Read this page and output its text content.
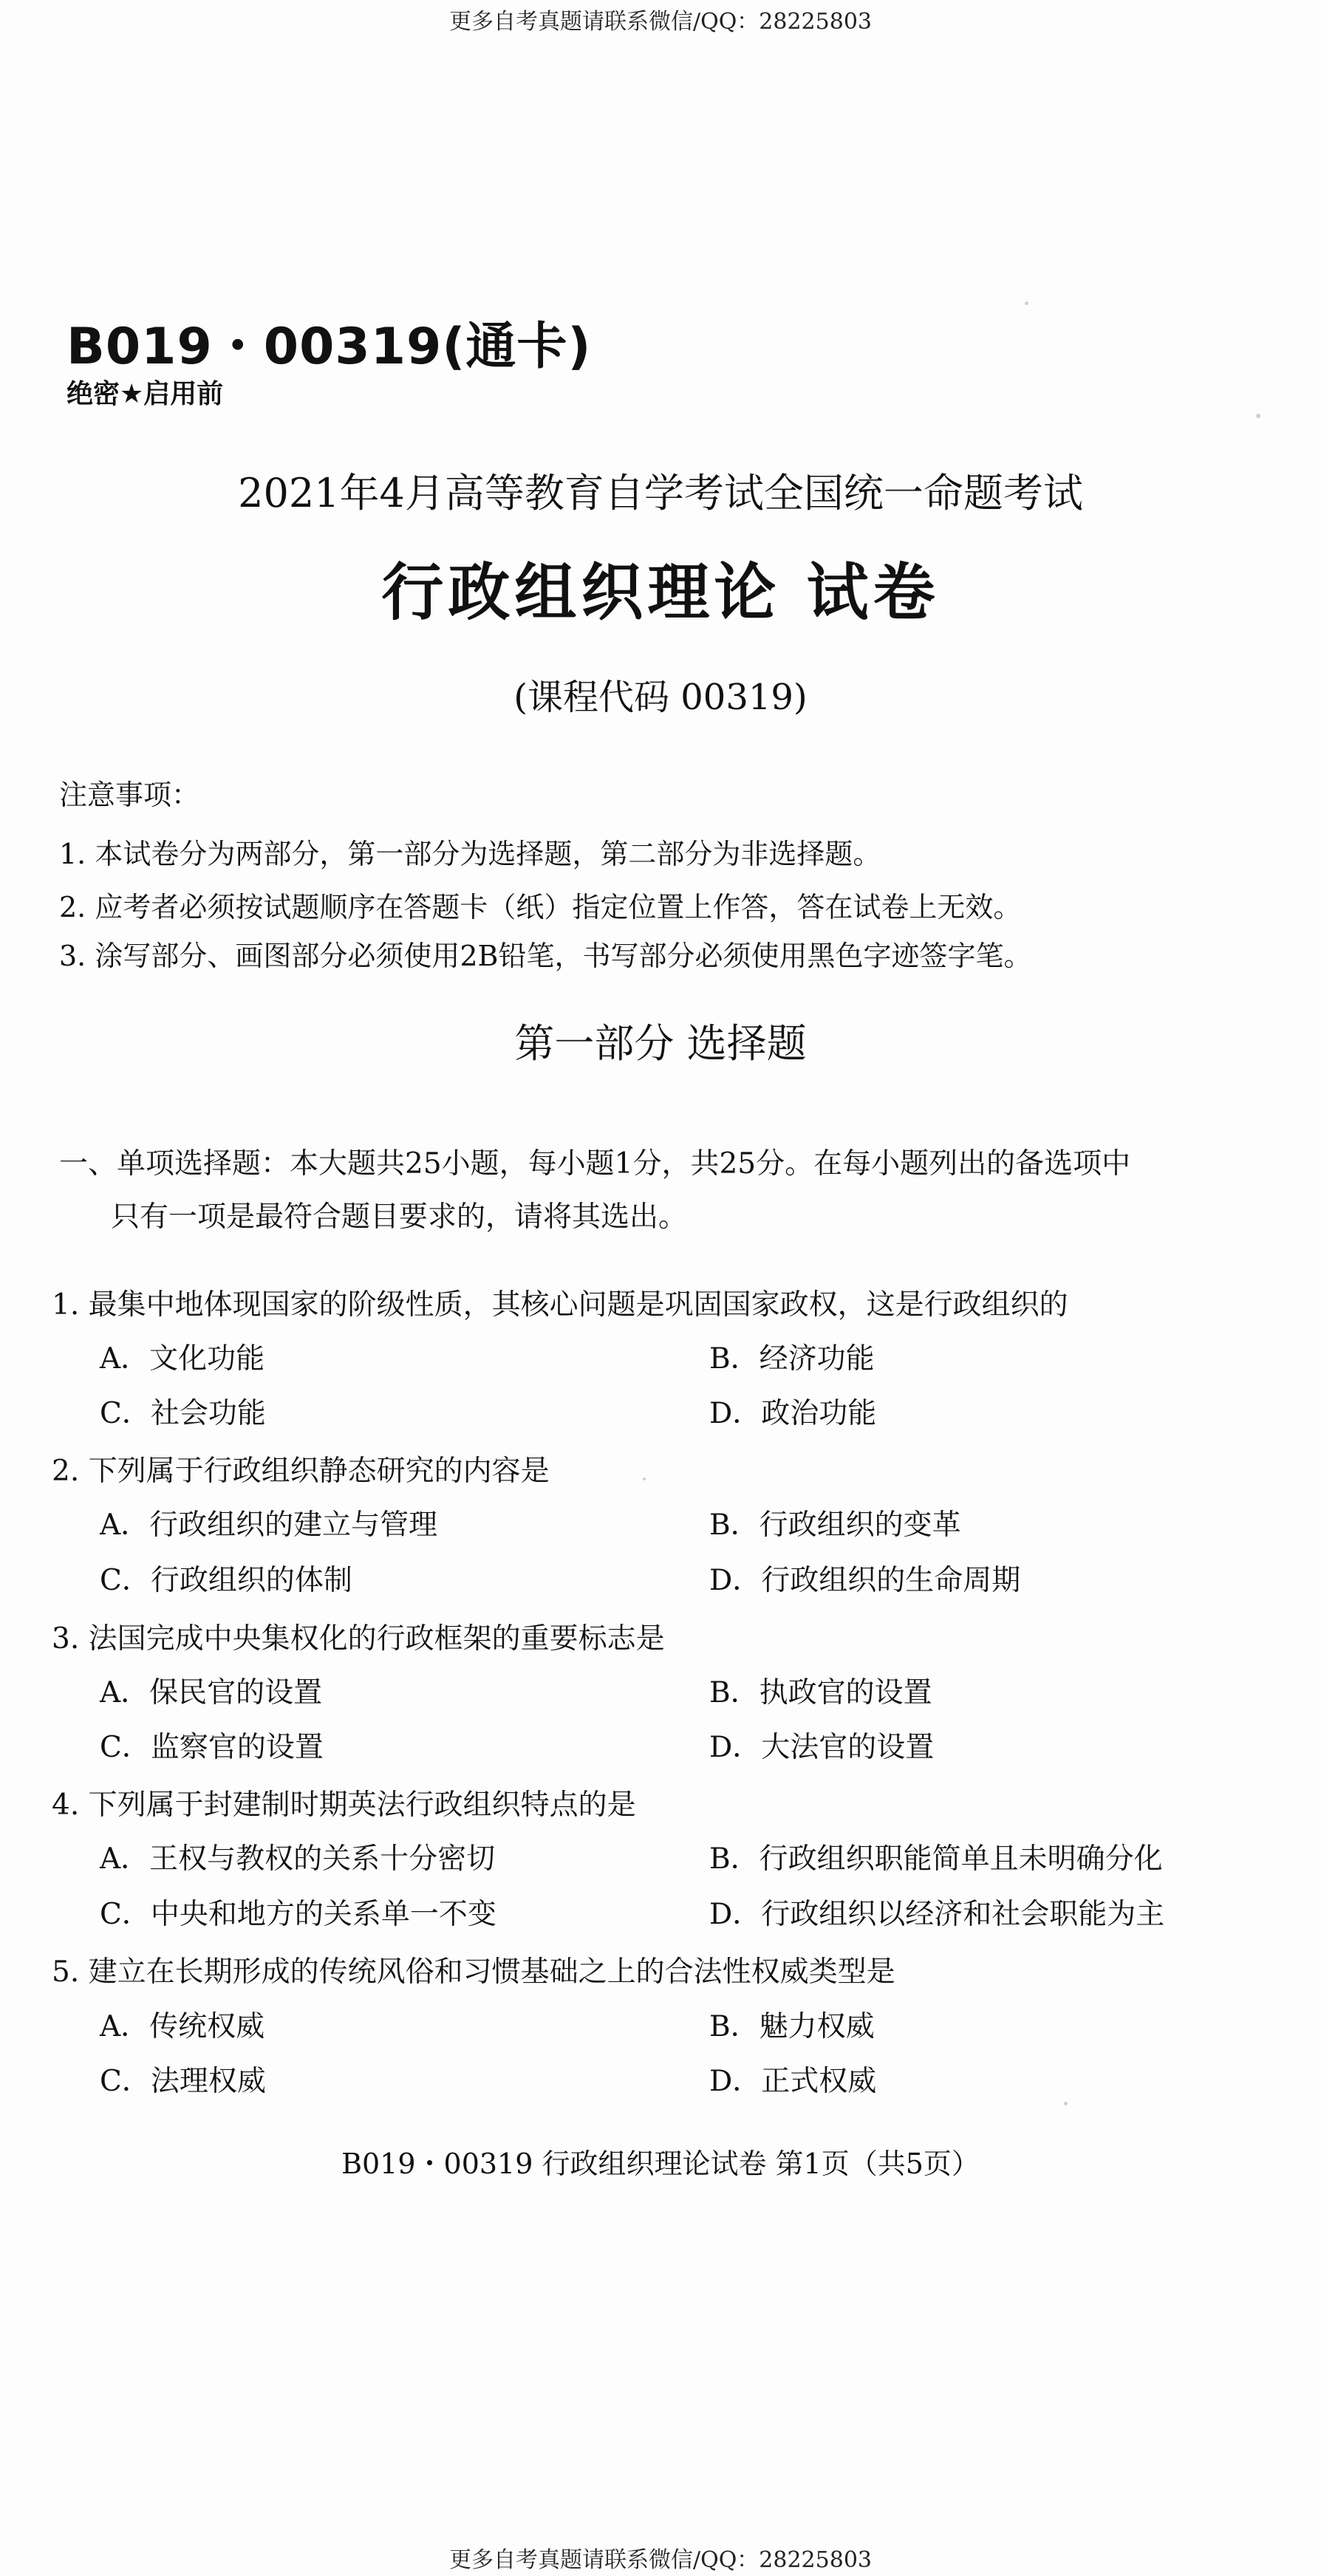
更多自考真题请联系微信/QQ：28225803
B019・00319(通卡)
绝密★启用前
2021年4月高等教育自学考试全国统一命题考试
行政组织理论 试卷
(课程代码 00319)
注意事项：
1. 本试卷分为两部分，第一部分为选择题，第二部分为非选择题。
2. 应考者必须按试题顺序在答题卡（纸）指定位置上作答，答在试卷上无效。
3. 涂写部分、画图部分必须使用2B铅笔，书写部分必须使用黑色字迹签字笔。
第一部分 选择题
一、单项选择题：本大题共25小题，每小题1分，共25分。在每小题列出的备选项中
只有一项是最符合题目要求的，请将其选出。
1. 最集中地体现国家的阶级性质，其核心问题是巩固国家政权，这是行政组织的
A．文化功能	B．经济功能
C．社会功能	D．政治功能
2. 下列属于行政组织静态研究的内容是
A．行政组织的建立与管理	B．行政组织的变革
C．行政组织的体制	D．行政组织的生命周期
3. 法国完成中央集权化的行政框架的重要标志是
A．保民官的设置	B．执政官的设置
C．监察官的设置	D．大法官的设置
4. 下列属于封建制时期英法行政组织特点的是
A．王权与教权的关系十分密切	B．行政组织职能简单且未明确分化
C．中央和地方的关系单一不变	D．行政组织以经济和社会职能为主
5. 建立在长期形成的传统风俗和习惯基础之上的合法性权威类型是
A．传统权威	B．魅力权威
C．法理权威	D．正式权威
B019・00319 行政组织理论试卷 第1页（共5页）
更多自考真题请联系微信/QQ：28225803
